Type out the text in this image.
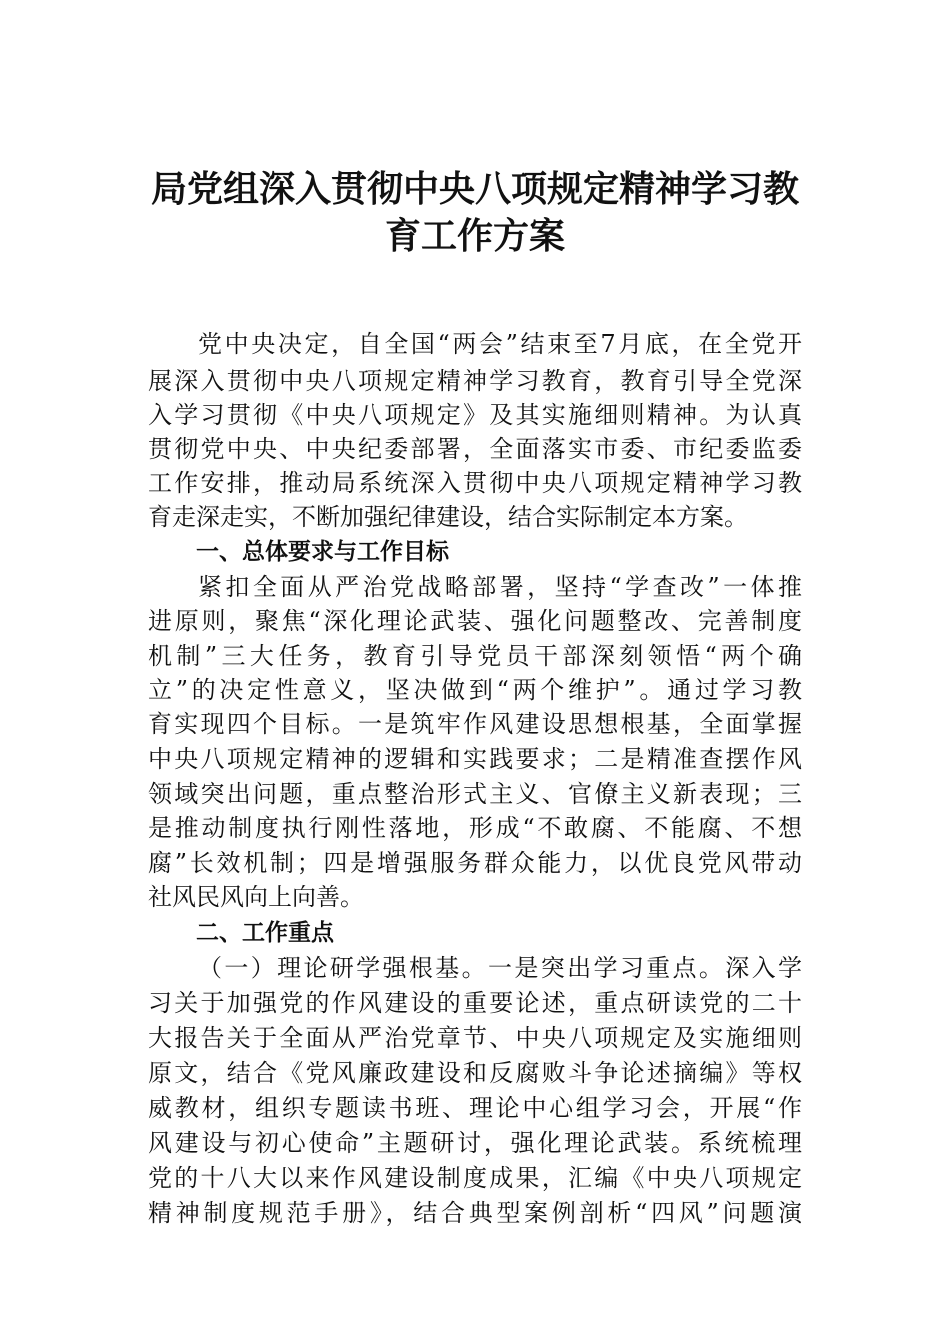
局党组深入贯彻中央八项规定精神学习教
育工作方案

党中央决定，自全国“两会”结束至7月底，在全党开

展深入贯彻中央八项规定精神学习教育，教育引导全党深

入学习贯彻《中央八项规定》及其实施细则精神。为认真

贯彻党中央、中央纪委部署，全面落实市委、市纪委监委

工作安排，推动局系统深入贯彻中央八项规定精神学习教

育走深走实，不断加强纪律建设，结合实际制定本方案。

一、总体要求与工作目标

紧扣全面从严治党战略部署，坚持“学查改”一体推

进原则，聚焦“深化理论武装、强化问题整改、完善制度

机制”三大任务，教育引导党员干部深刻领悟“两个确

立”的决定性意义，坚决做到“两个维护”。通过学习教

育实现四个目标。一是筑牢作风建设思想根基，全面掌握

中央八项规定精神的逻辑和实践要求；二是精准查摆作风

领域突出问题，重点整治形式主义、官僚主义新表现；三

是推动制度执行刚性落地，形成“不敢腐、不能腐、不想

腐”长效机制；四是增强服务群众能力，以优良党风带动

社风民风向上向善。

二、工作重点

（一）理论研学强根基。一是突出学习重点。深入学

习关于加强党的作风建设的重要论述，重点研读党的二十

大报告关于全面从严治党章节、中央八项规定及实施细则

原文，结合《党风廉政建设和反腐败斗争论述摘编》等权

威教材，组织专题读书班、理论中心组学习会，开展“作

风建设与初心使命”主题研讨，强化理论武装。系统梳理

党的十八大以来作风建设制度成果，汇编《中央八项规定

精神制度规范手册》，结合典型案例剖析“四风”问题演
